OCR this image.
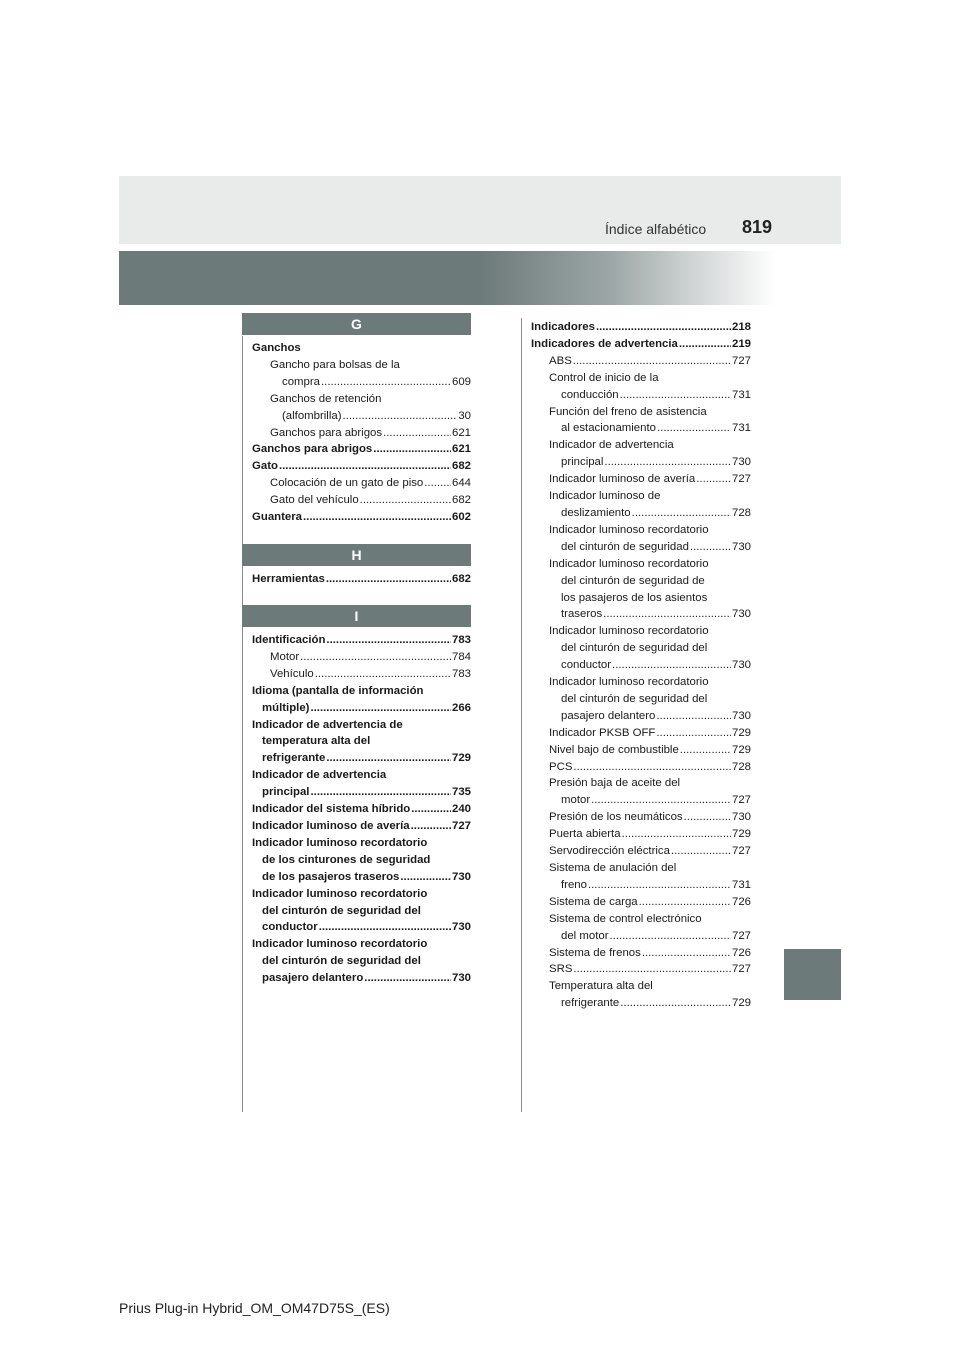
Índice alfabético 819
G
H
I
Ganchos
Gancho para bolsas de la
compra .....	609
Ganchos de retención
(alfombrilla) .....	30
Ganchos para abrigos .....	621
Ganchos para abrigos .....	621
Gato .....	682
Colocación de un gato de piso .....	644
Gato del vehículo .....	682
Guantera .....	602
Herramientas .....	682
Identificación .....	783
Motor .....	784
Vehículo .....	783
Idioma (pantalla de información
múltiple) .....	266
Indicador de advertencia de
temperatura alta del
refrigerante .....	729
Indicador de advertencia
principal .....	735
Indicador del sistema híbrido .....	240
Indicador luminoso de avería .....	727
Indicador luminoso recordatorio
de los cinturones de seguridad
de los pasajeros traseros .....	730
Indicador luminoso recordatorio
del cinturón de seguridad del
conductor .....	730
Indicador luminoso recordatorio
del cinturón de seguridad del
pasajero delantero .....	730
Indicadores .....	218
Indicadores de advertencia .....	219
ABS .....	727
Control de inicio de la
conducción .....	731
Función del freno de asistencia
al estacionamiento .....	731
Indicador de advertencia
principal .....	730
Indicador luminoso de avería .....	727
Indicador luminoso de
deslizamiento .....	728
Indicador luminoso recordatorio
del cinturón de seguridad .....	730
Indicador luminoso recordatorio
del cinturón de seguridad de
los pasajeros de los asientos
traseros .....	730
Indicador luminoso recordatorio
del cinturón de seguridad del
conductor .....	730
Indicador luminoso recordatorio
del cinturón de seguridad del
pasajero delantero .....	730
Indicador PKSB OFF .....	729
Nivel bajo de combustible .....	729
PCS .....	728
Presión baja de aceite del
motor .....	727
Presión de los neumáticos .....	730
Puerta abierta .....	729
Servodirección eléctrica .....	727
Sistema de anulación del
freno .....	731
Sistema de carga .....	726
Sistema de control electrónico
del motor .....	727
Sistema de frenos .....	726
SRS .....	727
Temperatura alta del
refrigerante .....	729
Prius Plug-in Hybrid_OM_OM47D75S_(ES)
